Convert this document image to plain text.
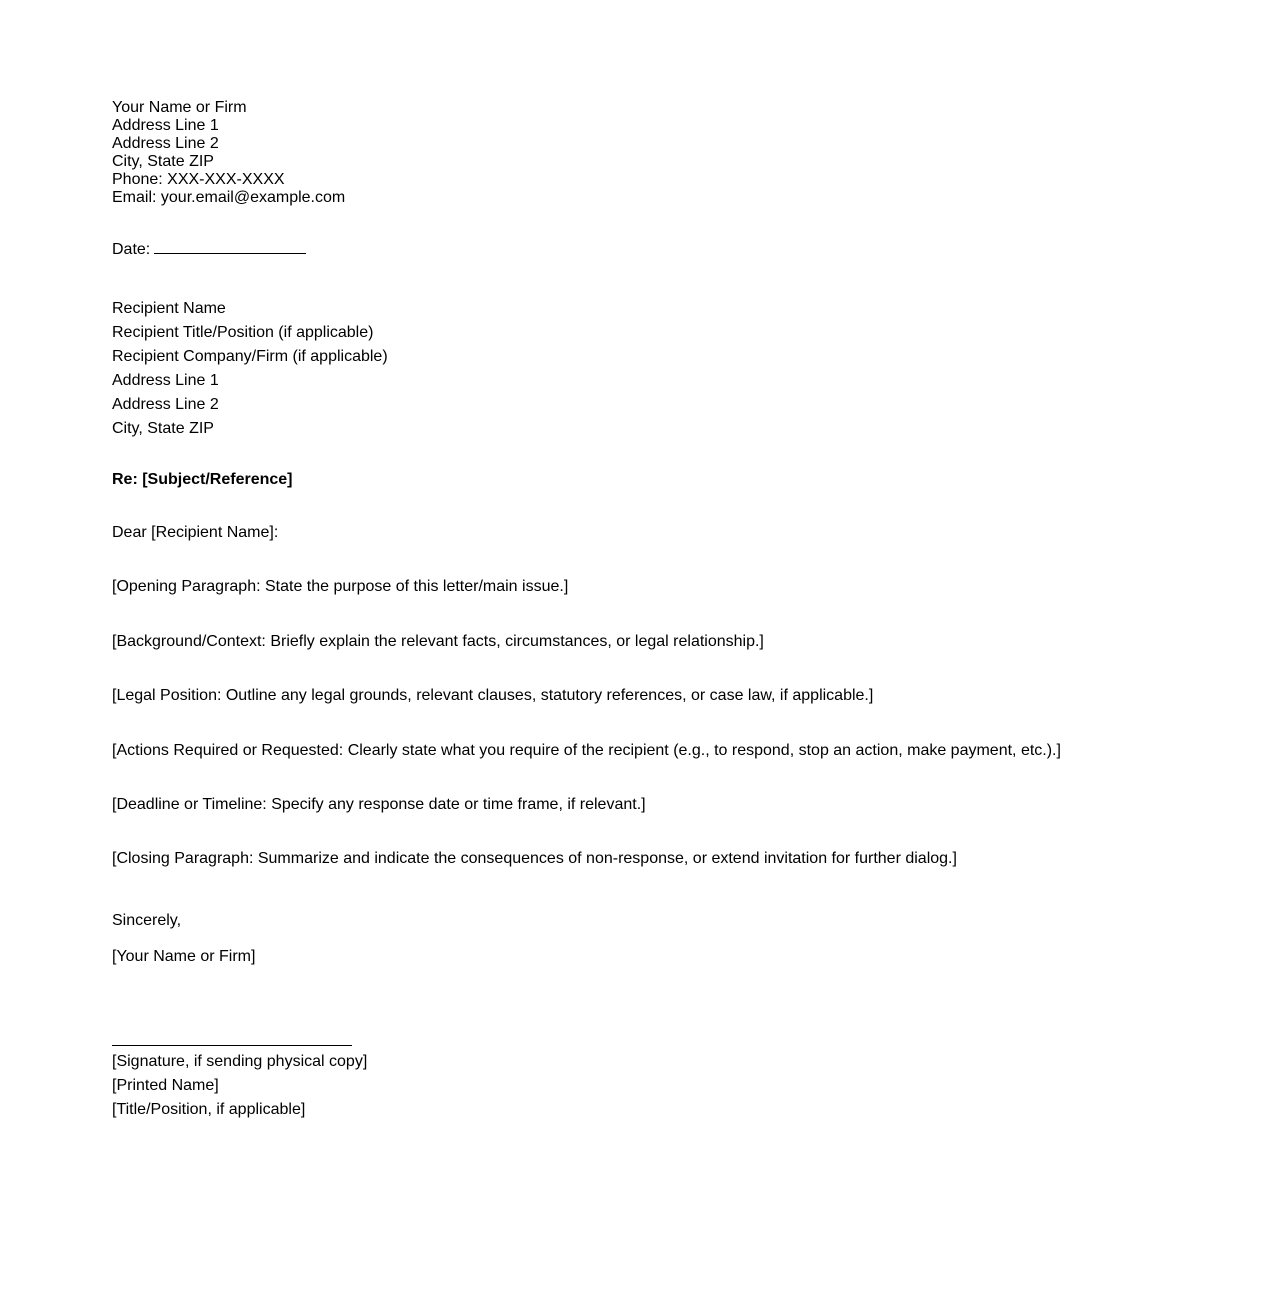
Your Name or Firm
Address Line 1
Address Line 2
City, State ZIP
Phone: XXX-XXX-XXXX
Email: your.email@example.com
Date:
Recipient Name
Recipient Title/Position (if applicable)
Recipient Company/Firm (if applicable)
Address Line 1
Address Line 2
City, State ZIP
Re: [Subject/Reference]
Dear [Recipient Name]:
[Opening Paragraph: State the purpose of this letter/main issue.]
[Background/Context: Briefly explain the relevant facts, circumstances, or legal relationship.]
[Legal Position: Outline any legal grounds, relevant clauses, statutory references, or case law, if applicable.]
[Actions Required or Requested: Clearly state what you require of the recipient (e.g., to respond, stop an action, make payment, etc.).]
[Deadline or Timeline: Specify any response date or time frame, if relevant.]
[Closing Paragraph: Summarize and indicate the consequences of non-response, or extend invitation for further dialog.]
Sincerely,
[Your Name or Firm]
[Signature, if sending physical copy]
[Printed Name]
[Title/Position, if applicable]
